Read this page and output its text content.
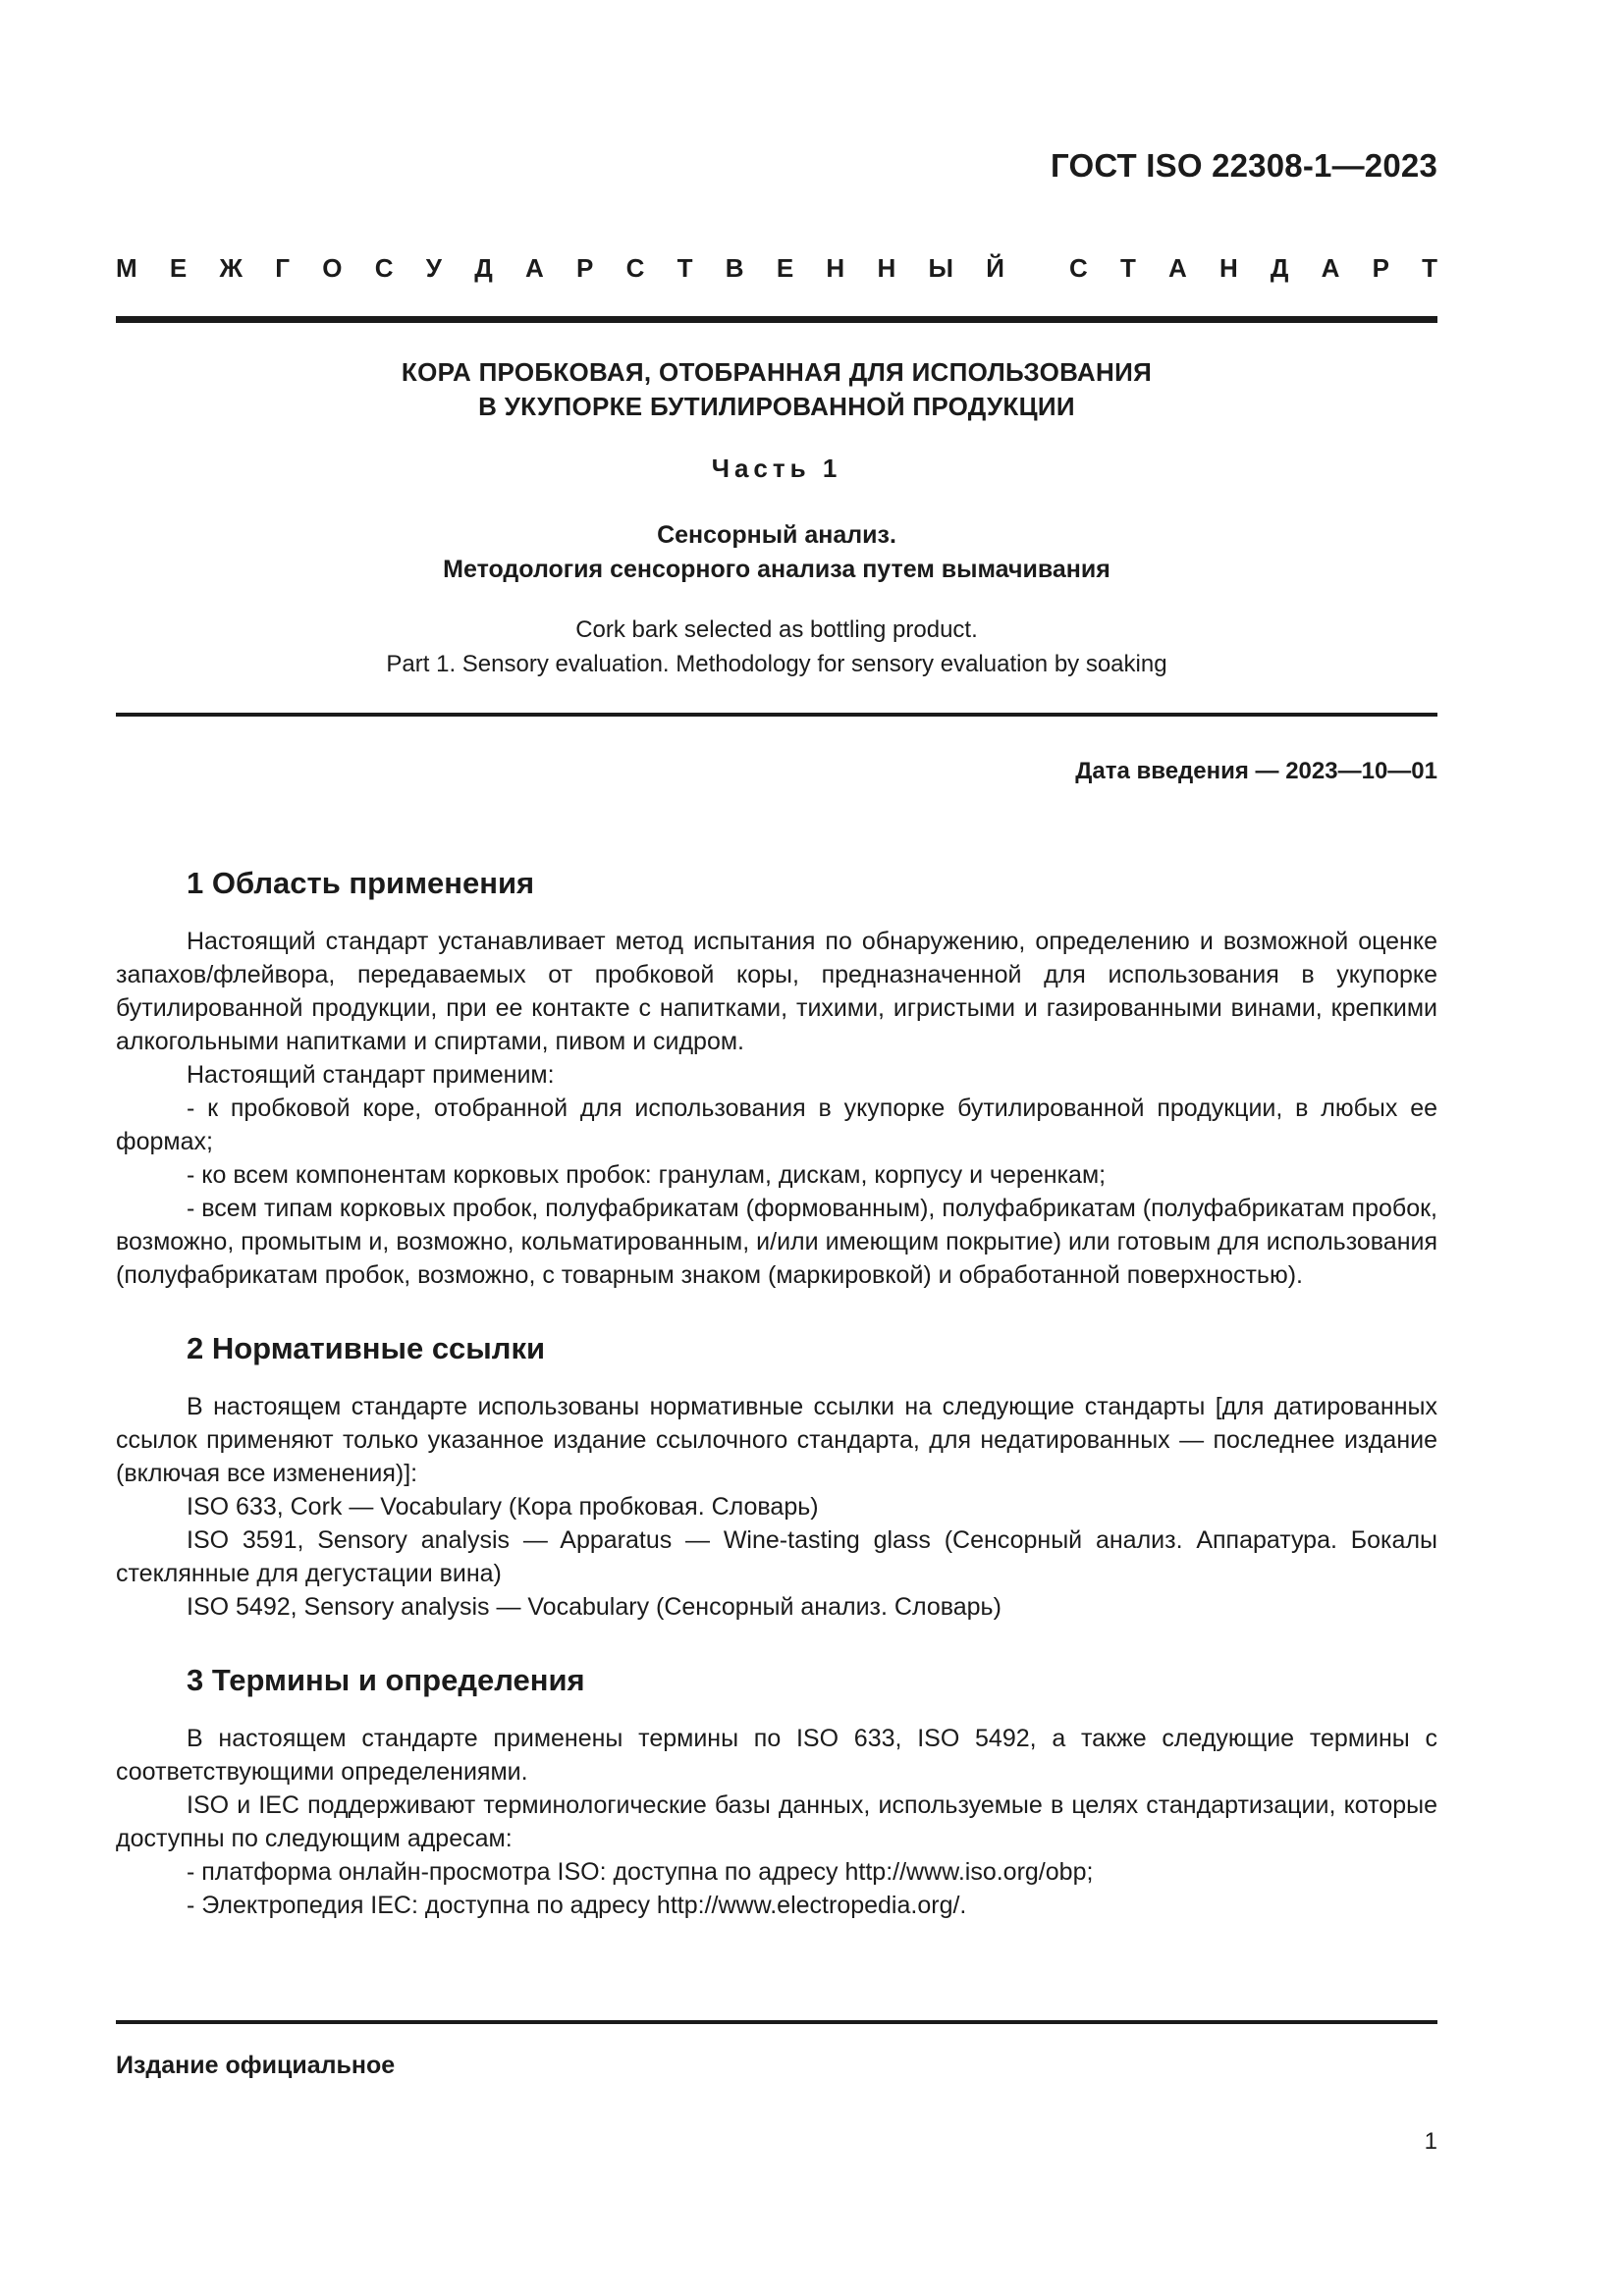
ГОСТ ISO 22308-1—2023
М Е Ж Г О С У Д А Р С Т В Е Н Н Ы Й	С Т А Н Д А Р Т
КОРА ПРОБКОВАЯ, ОТОБРАННАЯ ДЛЯ ИСПОЛЬЗОВАНИЯ
В УКУПОРКЕ БУТИЛИРОВАННОЙ ПРОДУКЦИИ
Часть 1
Сенсорный анализ.
Методология сенсорного анализа путем вымачивания
Cork bark selected as bottling product.
Part 1. Sensory evaluation. Methodology for sensory evaluation by soaking
Дата введения — 2023—10—01
1 Область применения

Настоящий стандарт устанавливает метод испытания по обнаружению, определению и возможной оценке запахов/флейвора, передаваемых от пробковой коры, предназначенной для использования в укупорке бутилированной продукции, при ее контакте с напитками, тихими, игристыми и газированными винами, крепкими алкогольными напитками и спиртами, пивом и сидром.

Настоящий стандарт применим:

- к пробковой коре, отобранной для использования в укупорке бутилированной продукции, в любых ее формах;

- ко всем компонентам корковых пробок: гранулам, дискам, корпусу и черенкам;

- всем типам корковых пробок, полуфабрикатам (формованным), полуфабрикатам (полуфабрикатам пробок, возможно, промытым и, возможно, кольматированным, и/или имеющим покрытие) или готовым для использования (полуфабрикатам пробок, возможно, с товарным знаком (маркировкой) и обработанной поверхностью).

2 Нормативные ссылки

В настоящем стандарте использованы нормативные ссылки на следующие стандарты [для датированных ссылок применяют только указанное издание ссылочного стандарта, для недатированных — последнее издание (включая все изменения)]:

ISO 633, Cork — Vocabulary (Кора пробковая. Словарь)

ISO 3591, Sensory analysis — Apparatus — Wine-tasting glass (Сенсорный анализ. Аппаратура. Бокалы стеклянные для дегустации вина)

ISO 5492, Sensory analysis — Vocabulary (Сенсорный анализ. Словарь)

3 Термины и определения

В настоящем стандарте применены термины по ISO 633, ISO 5492, а также следующие термины с соответствующими определениями.

ISO и IEC поддерживают терминологические базы данных, используемые в целях стандартизации, которые доступны по следующим адресам:

- платформа онлайн-просмотра ISO: доступна по адресу http://www.iso.org/obp;

- Электропедия IEC: доступна по адресу http://www.electropedia.org/.

Издание официальное
1
